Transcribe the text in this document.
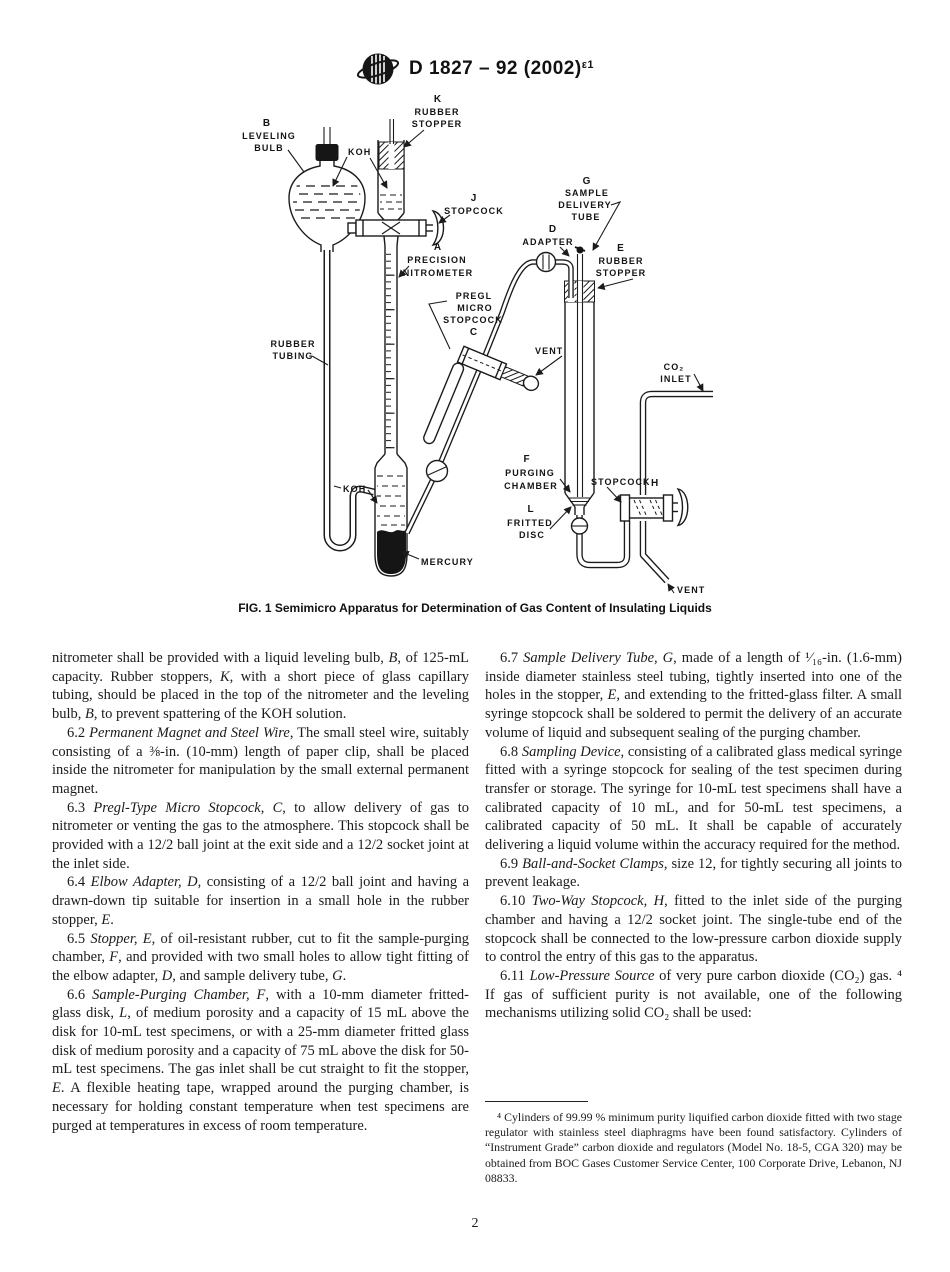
D 1827 – 92 $(2002)^{\varepsilon 1}$
B
LEVELING
BULB	KOH
K
RUBBER
STOPPER
J
STOPCOCK
A
PRECISION
NITROMETER
PREGL
MICRO
STOPCOCK
C
VENT
G
SAMPLE
DELIVERY
TUBE
D
ADAPTER
E
RUBBER
STOPPER
CO₂
INLET
RUBBER
TUBING
KOH
MERCURY
F
PURGING
CHAMBER
L
FRITTED
DISC
STOPCOCK H
VENT
FIG. 1 Semimicro Apparatus for Determination of Gas Content of Insulating Liquids

nitrometer shall be provided with a liquid leveling bulb, B, of 125-mL capacity. Rubber stoppers, K, with a short piece of glass capillary tubing, should be placed in the top of the nitrometer and the leveling bulb, B, to prevent spattering of the KOH solution.

6.2 Permanent Magnet and Steel Wire, The small steel wire, suitably consisting of a ⅜-in. (10-mm) length of paper clip, shall be placed inside the nitrometer for manipulation by the small external permanent magnet.

6.3 Pregl-Type Micro Stopcock, C, to allow delivery of gas to nitrometer or venting the gas to the atmosphere. This stopcock shall be provided with a 12/2 ball joint at the exit side and a 12/2 socket joint at the inlet side.

6.4 Elbow Adapter, D, consisting of a 12/2 ball joint and having a drawn-down tip suitable for insertion in a small hole in the rubber stopper, E.

6.5 Stopper, E, of oil-resistant rubber, cut to fit the sample-purging chamber, F, and provided with two small holes to allow tight fitting of the elbow adapter, D, and sample delivery tube, G.

6.6 Sample-Purging Chamber, F, with a 10-mm diameter fritted-glass disk, L, of medium porosity and a capacity of 15 mL above the disk for 10-mL test specimens, or with a 25-mm diameter fritted glass disk of medium porosity and a capacity of 75 mL above the disk for 50-mL test specimens. The gas inlet shall be cut straight to fit the stopper, E. A flexible heating tape, wrapped around the purging chamber, is necessary for holding constant temperature when test specimens are purged at temperatures in excess of room temperature.

6.7 Sample Delivery Tube, G, made of a length of ¹⁄₁₆-in. (1.6-mm) inside diameter stainless steel tubing, tightly inserted into one of the holes in the stopper, E, and extending to the fritted-glass filter. A small syringe stopcock shall be soldered to permit the delivery of an accurate volume of liquid and subsequent sealing of the purging chamber.

6.8 Sampling Device, consisting of a calibrated glass medical syringe fitted with a syringe stopcock for sealing of the test specimen during transfer or storage. The syringe for 10-mL test specimens shall have a calibrated capacity of 10 mL, and for 50-mL test specimens, a calibrated capacity of 50 mL. It shall be capable of accurately delivering a liquid volume within the accuracy required for the method.

6.9 Ball-and-Socket Clamps, size 12, for tightly securing all joints to prevent leakage.

6.10 Two-Way Stopcock, H, fitted to the inlet side of the purging chamber and having a 12/2 socket joint. The single-tube end of the stopcock shall be connected to the low-pressure carbon dioxide supply to control the entry of this gas to the apparatus.

6.11 Low-Pressure Source of very pure carbon dioxide (CO₂) gas. ⁴ If gas of sufficient purity is not available, one of the following mechanisms utilizing solid CO₂ shall be used:

⁴ Cylinders of 99.99 % minimum purity liquified carbon dioxide fitted with two stage regulator with stainless steel diaphragms have been found satisfactory. Cylinders of “Instrument Grade” carbon dioxide and regulators (Model No. 18-5, CGA 320) may be obtained from BOC Gases Customer Service Center, 100 Corporate Drive, Lebanon, NJ 08833.

2
